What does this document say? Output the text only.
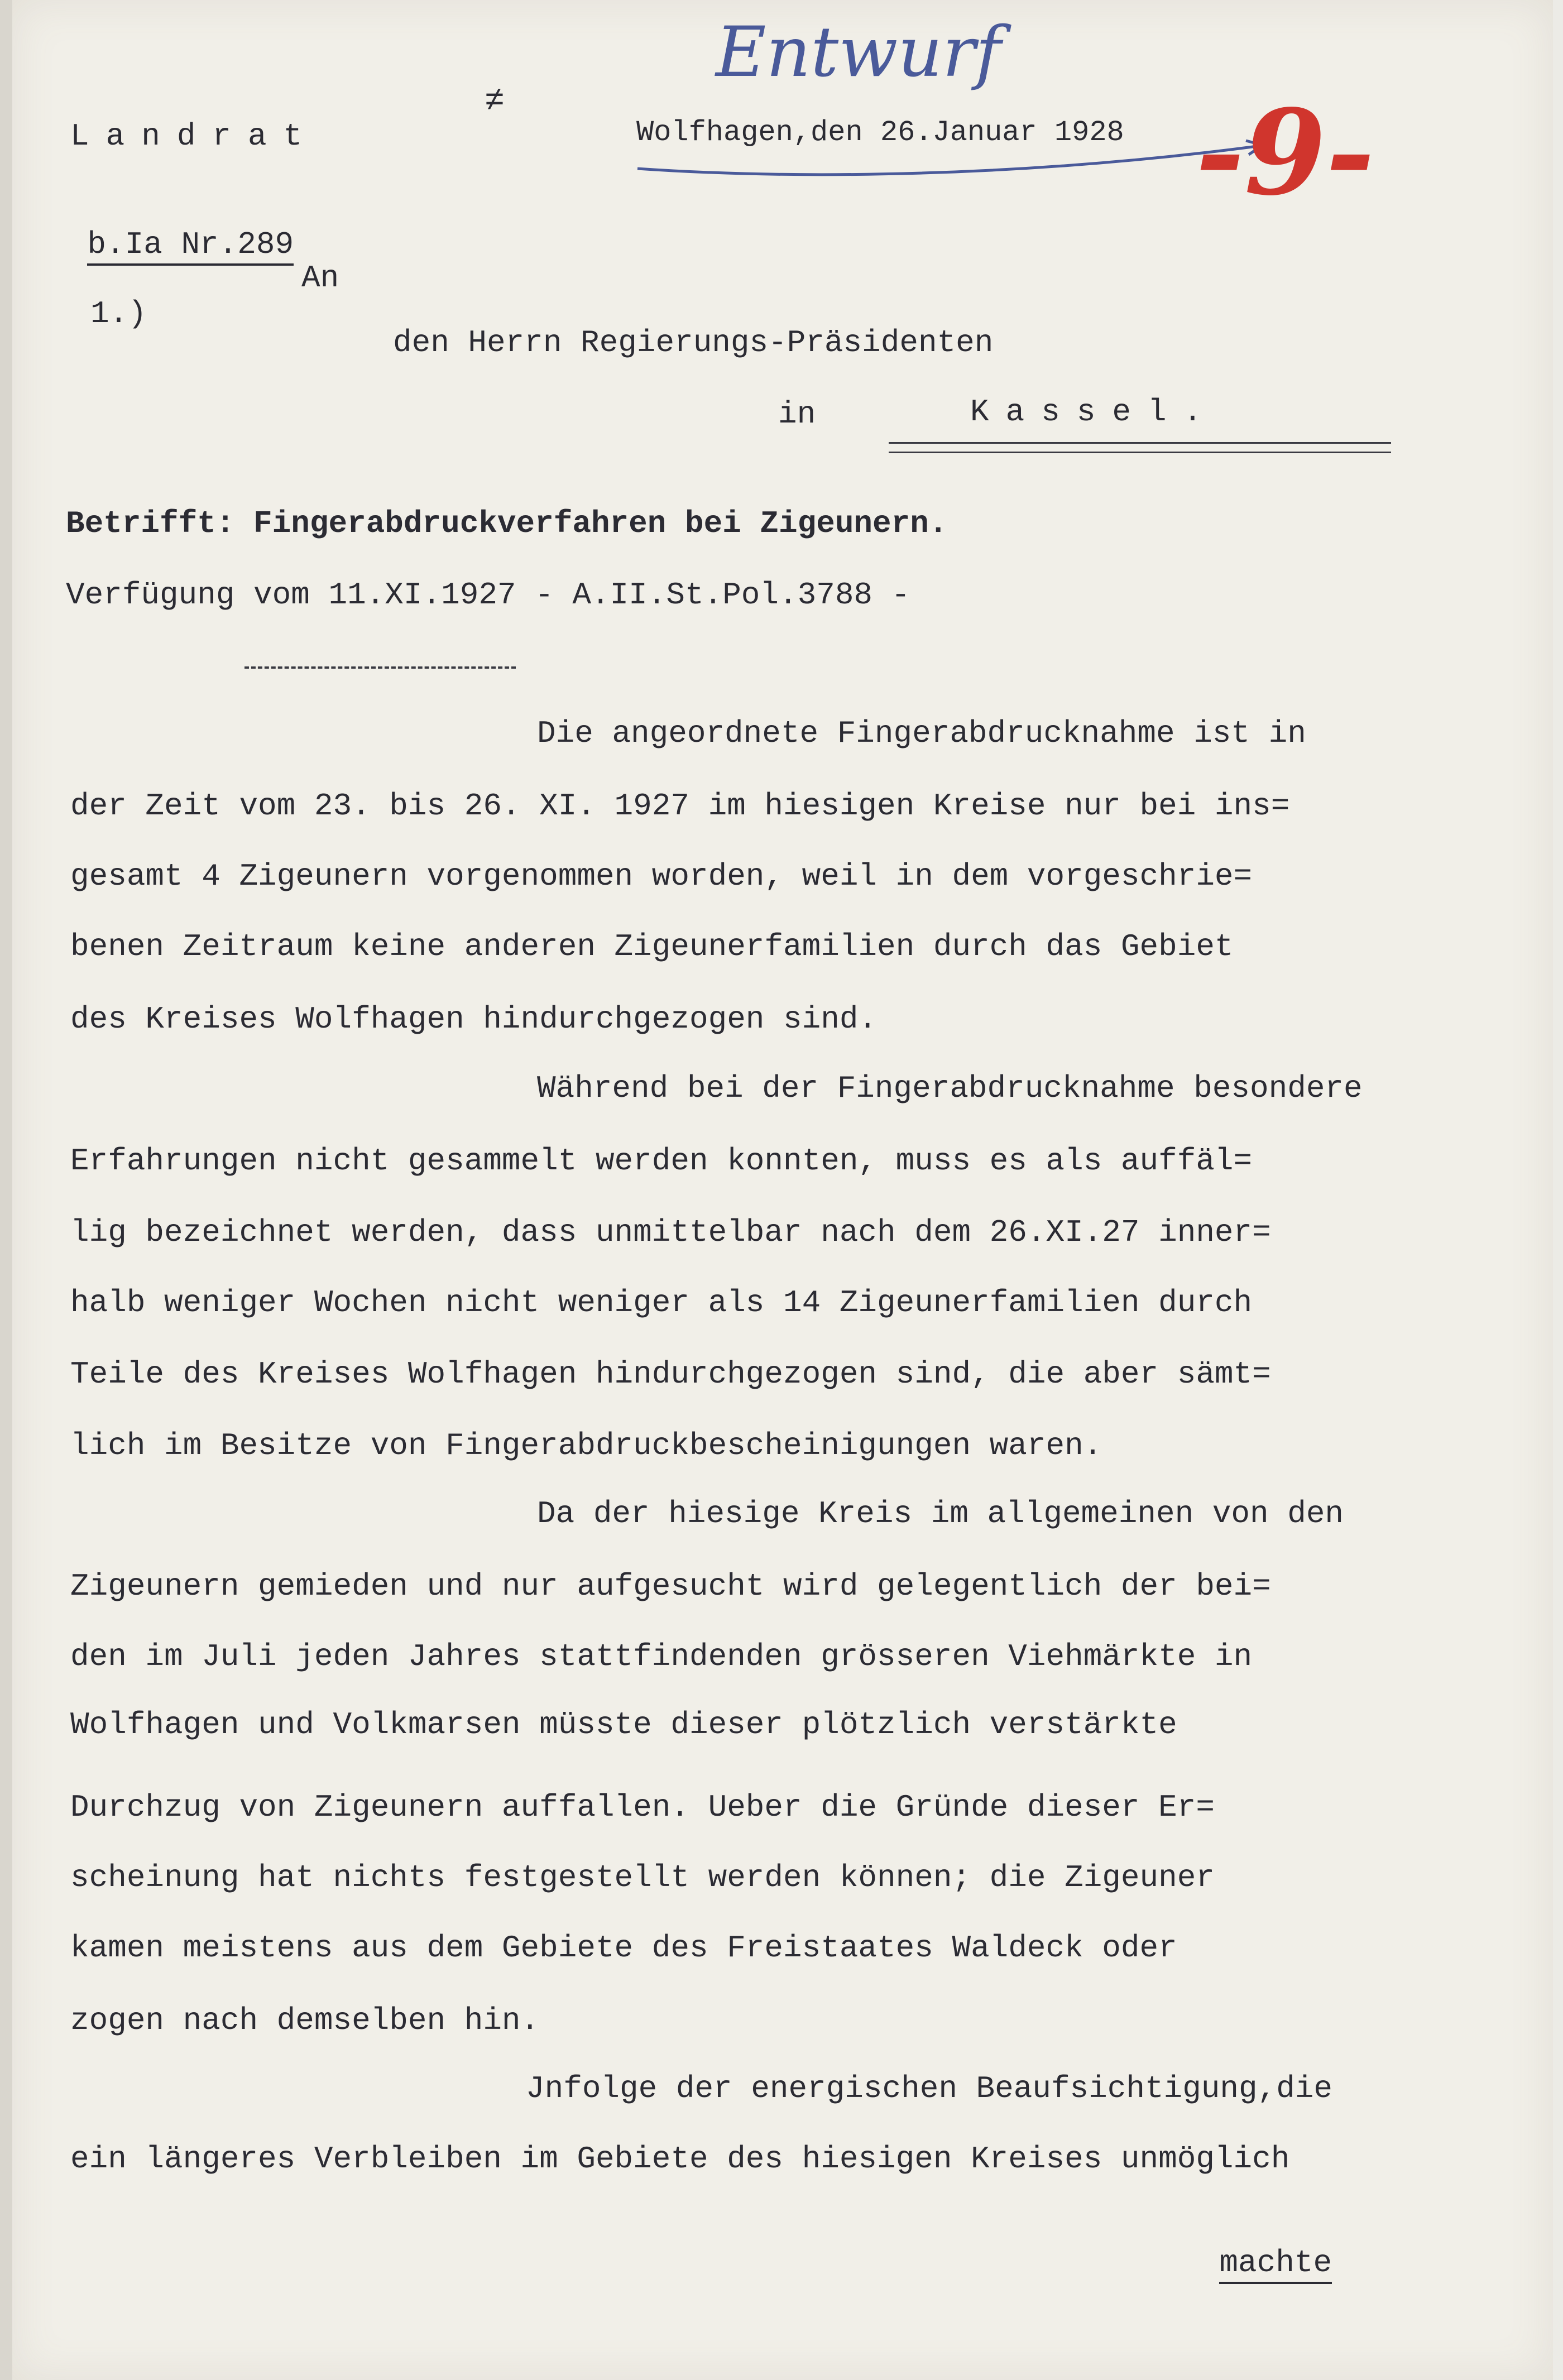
Landrat

b.Ia Nr.289

Wolfhagen,den 26.Januar 1928
Entwurf
-9-
≠
An
1.)
den Herrn Regierungs-Präsidenten
in	Kassel.
Betrifft: Fingerabdruckverfahren bei Zigeunern.
Verfügung vom 11.XI.1927 - A.II.St.Pol.3788 -
Die angeordnete Fingerabdrucknahme ist in
der Zeit vom 23. bis 26. XI. 1927 im hiesigen Kreise nur bei ins=
gesamt 4 Zigeunern vorgenommen worden, weil in dem vorgeschrie=
benen Zeitraum keine anderen Zigeunerfamilien durch das Gebiet
des Kreises Wolfhagen hindurchgezogen sind.
Während bei der Fingerabdrucknahme besondere
Erfahrungen nicht gesammelt werden konnten, muss es als auffäl=
lig bezeichnet werden, dass unmittelbar nach dem 26.XI.27 inner=
halb weniger Wochen nicht weniger als 14 Zigeunerfamilien durch
Teile des Kreises Wolfhagen hindurchgezogen sind, die aber sämt=
lich im Besitze von Fingerabdruckbescheinigungen waren.
Da der hiesige Kreis im allgemeinen von den
Zigeunern gemieden und nur aufgesucht wird gelegentlich der bei=
den im Juli jeden Jahres stattfindenden grösseren Viehmärkte in
Wolfhagen und Volkmarsen müsste dieser plötzlich verstärkte
Durchzug von Zigeunern auffallen. Ueber die Gründe dieser Er=
scheinung hat nichts festgestellt werden können; die Zigeuner
kamen meistens aus dem Gebiete des Freistaates Waldeck oder
zogen nach demselben hin.
Jnfolge der energischen Beaufsichtigung,die
ein längeres Verbleiben im Gebiete des hiesigen Kreises unmöglich

machte
